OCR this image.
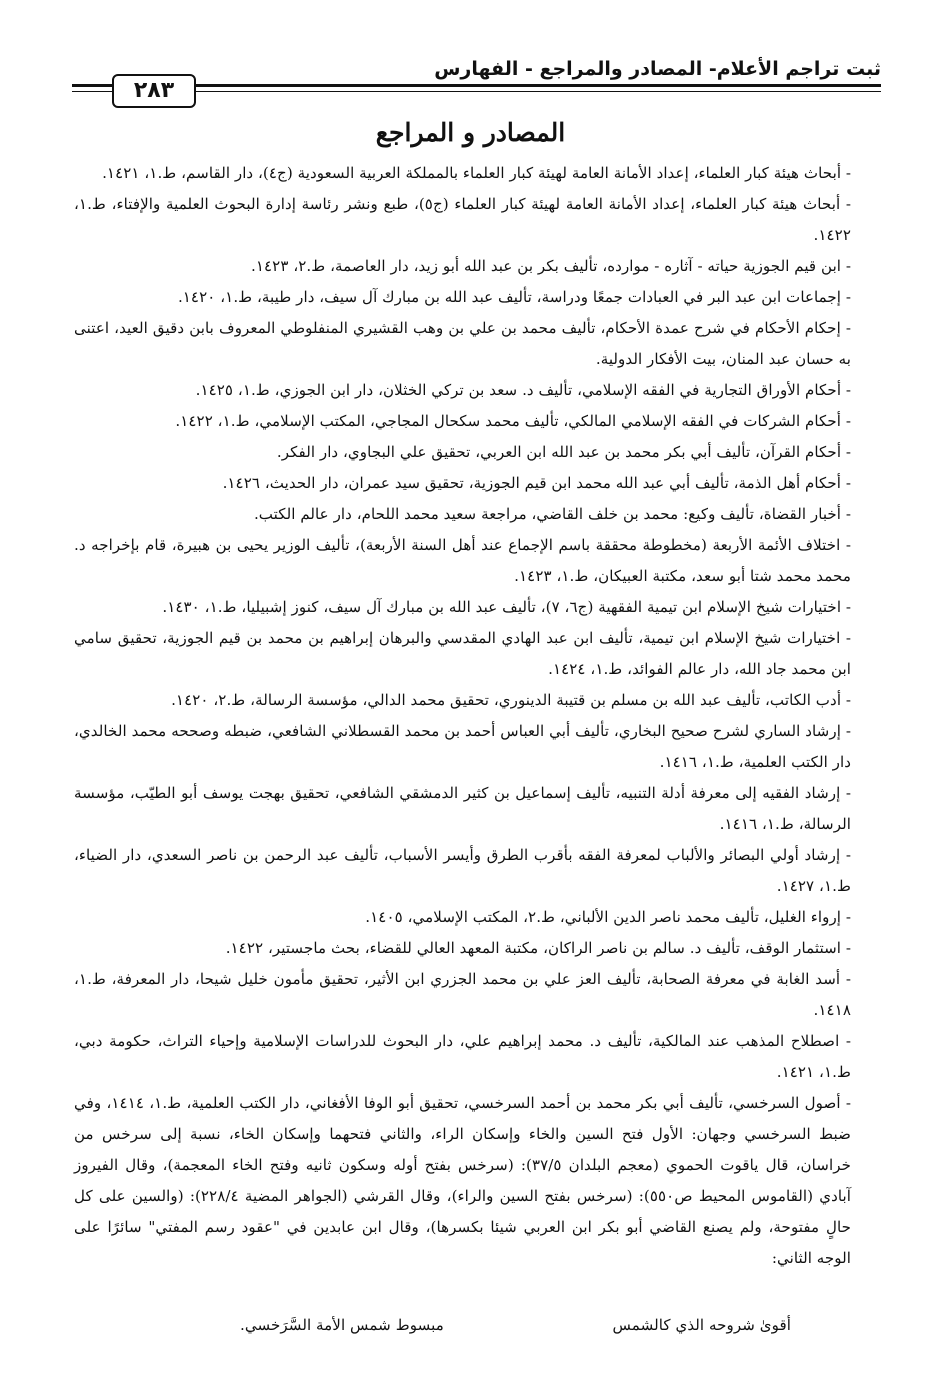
ثبت تراجم الأعلام- المصادر والمراجع - الفهارس
٢٨٣
المصادر و المراجع

- أبحاث هيئة كبار العلماء، إعداد الأمانة العامة لهيئة كبار العلماء بالمملكة العربية السعودية (ج٤)، دار القاسم، ط.١، ١٤٢١.

- أبحاث هيئة كبار العلماء، إعداد الأمانة العامة لهيئة كبار العلماء (ج٥)، طبع ونشر رئاسة إدارة البحوث العلمية والإفتاء، ط.١، ١٤٢٢.

- ابن قيم الجوزية حياته - آثاره - موارده، تأليف بكر بن عبد الله أبو زيد، دار العاصمة، ط.٢، ١٤٢٣.

- إجماعات ابن عبد البر في العبادات جمعًا ودراسة، تأليف عبد الله بن مبارك آل سيف، دار طيبة، ط.١، ١٤٢٠.

- إحكام الأحكام في شرح عمدة الأحكام، تأليف محمد بن علي بن وهب القشيري المنفلوطي المعروف بابن دقيق العيد، اعتنى به حسان عبد المنان، بيت الأفكار الدولية.

- أحكام الأوراق التجارية في الفقه الإسلامي، تأليف د. سعد بن تركي الخثلان، دار ابن الجوزي، ط.١، ١٤٢٥.

- أحكام الشركات في الفقه الإسلامي المالكي، تأليف محمد سكحال المجاجي، المكتب الإسلامي، ط.١، ١٤٢٢.

- أحكام القرآن، تأليف أبي بكر محمد بن عبد الله ابن العربي، تحقيق علي البجاوي، دار الفكر.

- أحكام أهل الذمة، تأليف أبي عبد الله محمد ابن قيم الجوزية، تحقيق سيد عمران، دار الحديث، ١٤٢٦.

- أخبار القضاة، تأليف وكيع: محمد بن خلف القاضي، مراجعة سعيد محمد اللحام، دار عالم الكتب.

- اختلاف الأئمة الأربعة (مخطوطة محققة باسم الإجماع عند أهل السنة الأربعة)، تأليف الوزير يحيى بن هبيرة، قام بإخراجه د. محمد محمد شتا أبو سعد، مكتبة العبيكان، ط.١، ١٤٢٣.

- اختيارات شيخ الإسلام ابن تيمية الفقهية (ج٦، ٧)، تأليف عبد الله بن مبارك آل سيف، كنوز إشبيليا، ط.١، ١٤٣٠.

- اختيارات شيخ الإسلام ابن تيمية، تأليف ابن عبد الهادي المقدسي والبرهان إبراهيم بن محمد بن قيم الجوزية، تحقيق سامي ابن محمد جاد الله، دار عالم الفوائد، ط.١، ١٤٢٤.

- أدب الكاتب، تأليف عبد الله بن مسلم بن قتيبة الدينوري، تحقيق محمد الدالي، مؤسسة الرسالة، ط.٢، ١٤٢٠.

- إرشاد الساري لشرح صحيح البخاري، تأليف أبي العباس أحمد بن محمد القسطلاني الشافعي، ضبطه وصححه محمد الخالدي، دار الكتب العلمية، ط.١، ١٤١٦.

- إرشاد الفقيه إلى معرفة أدلة التنبيه، تأليف إسماعيل بن كثير الدمشقي الشافعي، تحقيق بهجت يوسف أبو الطيّب، مؤسسة الرسالة، ط.١، ١٤١٦.

- إرشاد أولي البصائر والألباب لمعرفة الفقه بأقرب الطرق وأيسر الأسباب، تأليف عبد الرحمن بن ناصر السعدي، دار الضياء، ط.١، ١٤٢٧.

- إرواء الغليل، تأليف محمد ناصر الدين الألباني، ط.٢، المكتب الإسلامي، ١٤٠٥.

- استثمار الوقف، تأليف د. سالم بن ناصر الراكان، مكتبة المعهد العالي للقضاء، بحث ماجستير، ١٤٢٢.

- أسد الغابة في معرفة الصحابة، تأليف العز علي بن محمد الجزري ابن الأثير، تحقيق مأمون خليل شيحا، دار المعرفة، ط.١، ١٤١٨.

- اصطلاح المذهب عند المالكية، تأليف د. محمد إبراهيم علي، دار البحوث للدراسات الإسلامية وإحياء التراث، حكومة دبي، ط.١، ١٤٢١.

- أصول السرخسي، تأليف أبي بكر محمد بن أحمد السرخسي، تحقيق أبو الوفا الأفغاني، دار الكتب العلمية، ط.١، ١٤١٤، وفي ضبط السرخسي وجهان: الأول فتح السين والخاء وإسكان الراء، والثاني فتحهما وإسكان الخاء، نسبة إلى سرخس من خراسان، قال ياقوت الحموي (معجم البلدان ٣٧/٥): (سرخس بفتح أوله وسكون ثانيه وفتح الخاء المعجمة)، وقال الفيروز آبادي (القاموس المحيط ص٥٥٠): (سرخس بفتح السين والراء)، وقال القرشي (الجواهر المضية ٢٢٨/٤): (والسين على كل حالٍ مفتوحة، ولم يصنع القاضي أبو بكر ابن العربي شيئا بكسرها)، وقال ابن عابدين في "عقود رسم المفتي" سائرًا على الوجه الثاني:

أقوىٰ شروحه الذي كالشمس
مبسوط شمس الأمة السَّرَخسي.
